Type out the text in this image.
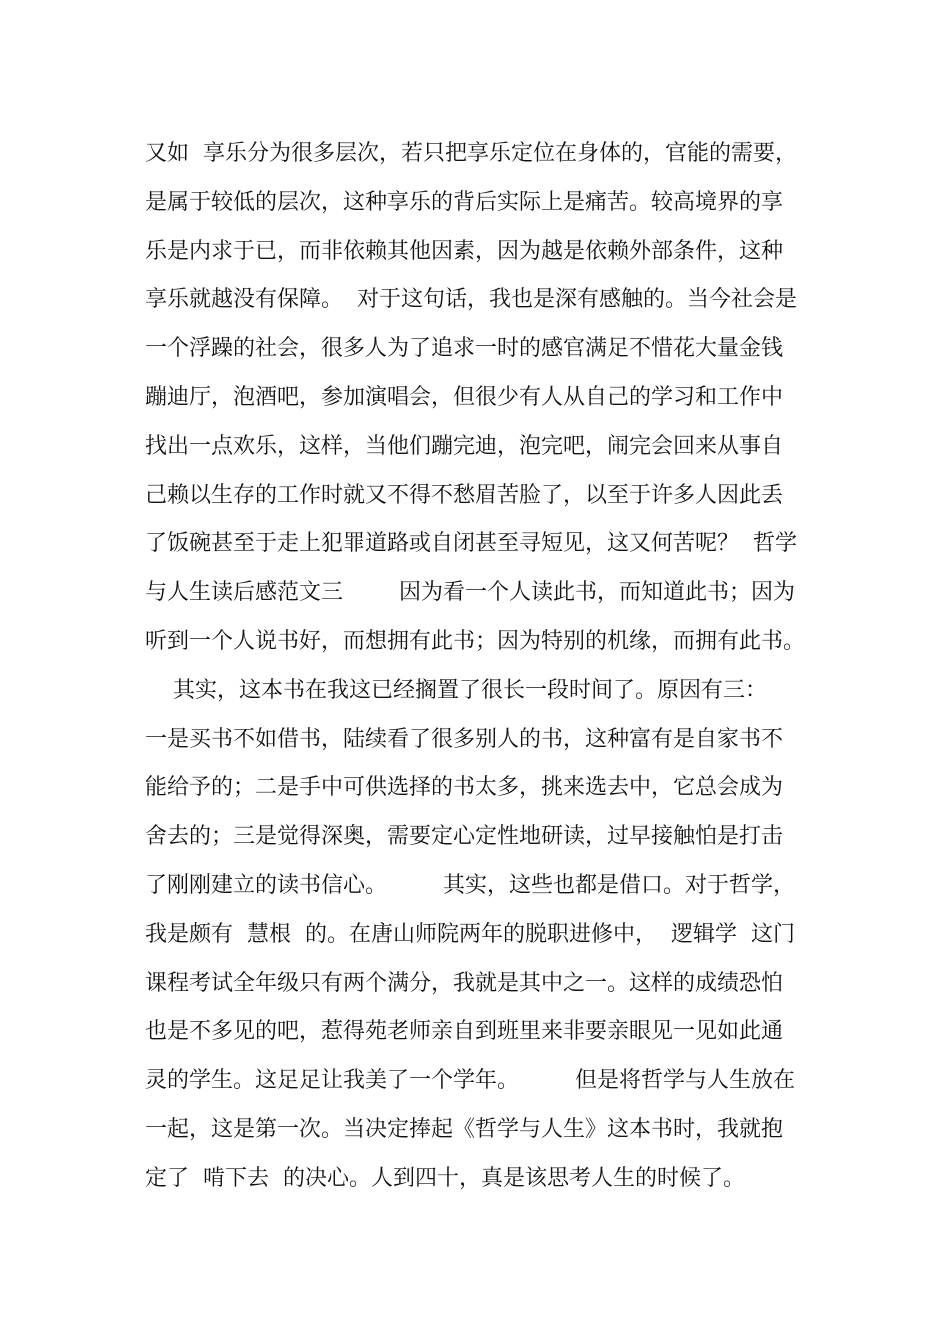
又如  享乐分为很多层次，若只把享乐定位在身体的，官能的需要，
是属于较低的层次，这种享乐的背后实际上是痛苦。较高境界的享
乐是内求于已，而非依赖其他因素，因为越是依赖外部条件，这种
享乐就越没有保障。  对于这句话，我也是深有感触的。当今社会是
一个浮躁的社会，很多人为了追求一时的感官满足不惜花大量金钱
蹦迪厅，泡酒吧，参加演唱会，但很少有人从自己的学习和工作中
找出一点欢乐，这样，当他们蹦完迪，泡完吧，闹完会回来从事自
己赖以生存的工作时就又不得不愁眉苦脸了，以至于许多人因此丢
了饭碗甚至于走上犯罪道路或自闭甚至寻短见，这又何苦呢？  哲学
与人生读后感范文三        因为看一个人读此书，而知道此书；因为
听到一个人说书好，而想拥有此书；因为特别的机缘，而拥有此书。
其实，这本书在我这已经搁置了很长一段时间了。原因有三：
一是买书不如借书，陆续看了很多别人的书，这种富有是自家书不
能给予的；二是手中可供选择的书太多，挑来选去中，它总会成为
舍去的；三是觉得深奥，需要定心定性地研读，过早接触怕是打击
了刚刚建立的读书信心。        其实，这些也都是借口。对于哲学，
我是颇有  慧根  的。在唐山师院两年的脱职进修中，  逻辑学  这门
课程考试全年级只有两个满分，我就是其中之一。这样的成绩恐怕
也是不多见的吧，惹得苑老师亲自到班里来非要亲眼见一见如此通
灵的学生。这足足让我美了一个学年。        但是将哲学与人生放在
一起，这是第一次。当决定捧起《哲学与人生》这本书时，我就抱
定了  啃下去  的决心。人到四十，真是该思考人生的时候了。
